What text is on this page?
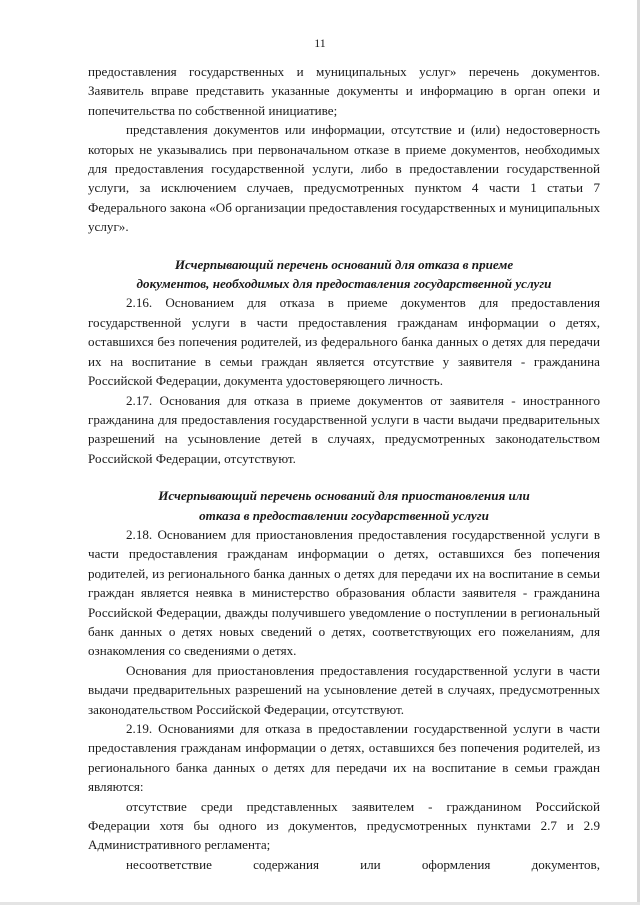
11

предоставления государственных и муниципальных услуг» перечень документов. Заявитель вправе представить указанные документы и информацию в орган опеки и попечительства по собственной инициативе;

представления документов или информации, отсутствие и (или) недостоверность которых не указывались при первоначальном отказе в приеме документов, необходимых для предоставления государственной услуги, либо в предоставлении государственной услуги, за исключением случаев, предусмотренных пунктом 4 части 1 статьи 7 Федерального закона «Об организации предоставления государственных и муниципальных услуг».

Исчерпывающий перечень оснований для отказа в приеме
документов, необходимых для предоставления государственной услуги

2.16. Основанием для отказа в приеме документов для предоставления государственной услуги в части предоставления гражданам информации о детях, оставшихся без попечения родителей, из федерального банка данных о детях для передачи их на воспитание в семьи граждан является отсутствие у заявителя - гражданина Российской Федерации, документа удостоверяющего личность.

2.17. Основания для отказа в приеме документов от заявителя - иностранного гражданина для предоставления государственной услуги в части выдачи предварительных разрешений на усыновление детей в случаях, предусмотренных законодательством Российской Федерации, отсутствуют.

Исчерпывающий перечень оснований для приостановления или
отказа в предоставлении государственной услуги

2.18. Основанием для приостановления предоставления государственной услуги в части предоставления гражданам информации о детях, оставшихся без попечения родителей, из регионального банка данных о детях для передачи их на воспитание в семьи граждан является неявка в министерство образования области заявителя - гражданина Российской Федерации, дважды получившего уведомление о поступлении в региональный банк данных о детях новых сведений о детях, соответствующих его пожеланиям, для ознакомления со сведениями о детях.

Основания для приостановления предоставления государственной услуги в части выдачи предварительных разрешений на усыновление детей в случаях, предусмотренных законодательством Российской Федерации, отсутствуют.

2.19. Основаниями для отказа в предоставлении государственной услуги в части предоставления гражданам информации о детях, оставшихся без попечения родителей, из регионального банка данных о детях для передачи их на воспитание в семьи граждан являются:

отсутствие среди представленных заявителем - гражданином Российской Федерации хотя бы одного из документов, предусмотренных пунктами 2.7 и 2.9 Административного регламента;

несоответствие содержания или оформления документов,
